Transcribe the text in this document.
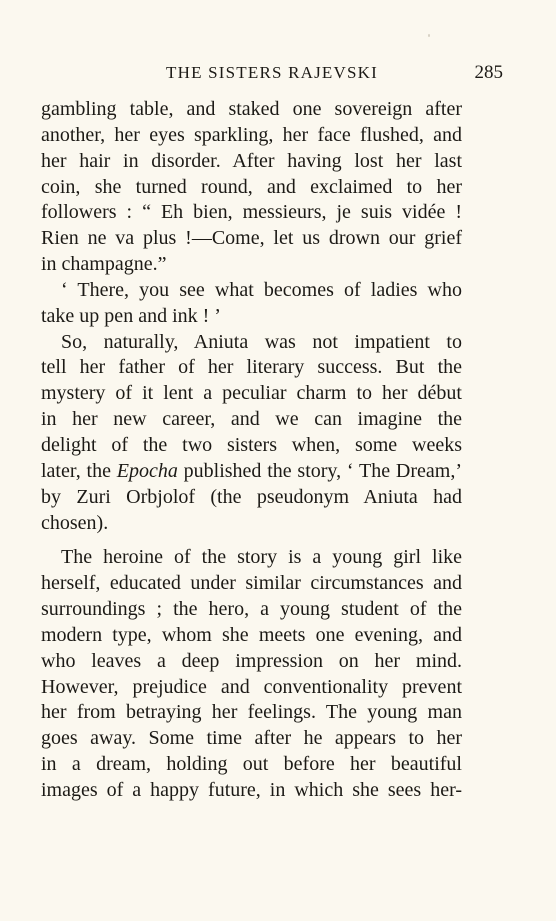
THE SISTERS RAJEVSKI	285
gambling table, and staked one sovereign after
another, her eyes sparkling, her face flushed, and
her hair in disorder. After having lost her last
coin, she turned round, and exclaimed to her
followers : “ Eh bien, messieurs, je suis vidée !
Rien ne va plus !—Come, let us drown our grief
in champagne.”
‘ There, you see what becomes of ladies who
take up pen and ink ! ’
So, naturally, Aniuta was not impatient to
tell her father of her literary success. But the
mystery of it lent a peculiar charm to her début
in her new career, and we can imagine the
delight of the two sisters when, some weeks
later, the Epocha published the story, ‘ The Dream,’
by Zuri Orbjolof (the pseudonym Aniuta had
chosen).
The heroine of the story is a young girl like
herself, educated under similar circumstances and
surroundings ; the hero, a young student of the
modern type, whom she meets one evening, and
who leaves a deep impression on her mind.
However, prejudice and conventionality prevent
her from betraying her feelings. The young man
goes away. Some time after he appears to her
in a dream, holding out before her beautiful
images of a happy future, in which she sees her-
